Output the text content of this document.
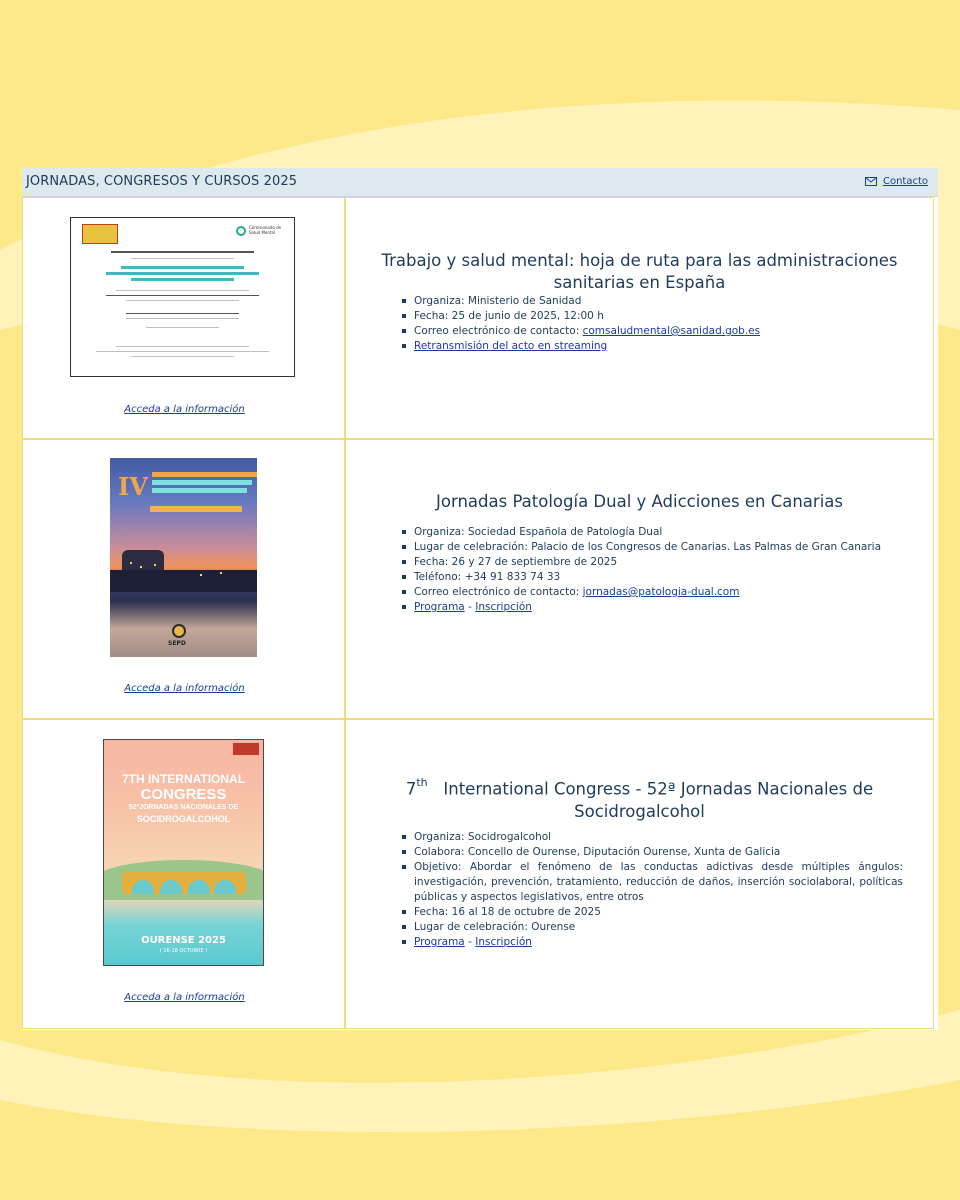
JORNADAS, CONGRESOS Y CURSOS 2025	Contacto
Comisionado de Salud Mental
Acceda a la información
Trabajo y salud mental: hoja de ruta para las administraciones sanitarias en España
Organiza: Ministerio de Sanidad
Fecha: 25 de junio de 2025, 12:00 h
Correo electrónico de contacto: comsaludmental@sanidad.gob.es
Retransmisión del acto en streaming
IV
SEPD
Acceda a la información
Jornadas Patología Dual y Adicciones en Canarias
Organiza: Sociedad Española de Patología Dual
Lugar de celebración: Palacio de los Congresos de Canarias. Las Palmas de Gran Canaria
Fecha: 26 y 27 de septiembre de 2025
Teléfono: +34 91 833 74 33
Correo electrónico de contacto: jornadas@patologia-dual.com
Programa - Inscripción
7TH INTERNATIONAL
CONGRESS
52ªJORNADAS NACIONALES DE
SOCIDROGALCOHOL
OURENSE 2025
( 16-18 OCTUBRE )
Acceda a la información
7th International Congress - 52ª Jornadas Nacionales de Socidrogalcohol
Organiza: Socidrogalcohol
Colabora: Concello de Ourense, Diputación Ourense, Xunta de Galicia
Objetivo: Abordar el fenómeno de las conductas adictivas desde múltiples ángulos: investigación, prevención, tratamiento, reducción de daños, inserción sociolaboral, políticas públicas y aspectos legislativos, entre otros
Fecha: 16 al 18 de octubre de 2025
Lugar de celebración: Ourense
Programa - Inscripción
